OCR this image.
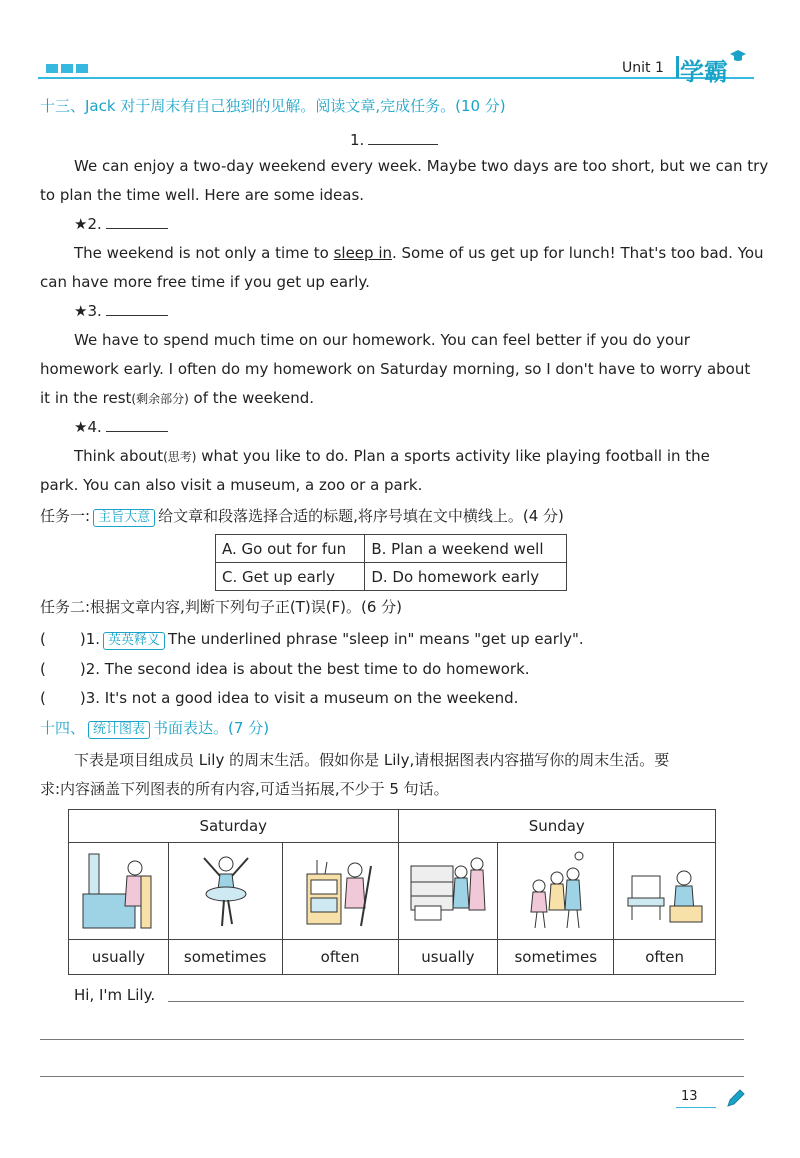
Unit 1 学霸
十三、Jack 对于周末有自己独到的见解。阅读文章,完成任务。(10 分)
1.
We can enjoy a two-day weekend every week. Maybe two days are too short, but we can try
to plan the time well. Here are some ideas.
★2.
The weekend is not only a time to sleep in. Some of us get up for lunch! That's too bad. You
can have more free time if you get up early.
★3.
We have to spend much time on our homework. You can feel better if you do your
homework early. I often do my homework on Saturday morning, so I don't have to worry about
it in the rest(剩余部分) of the weekend.
★4.
Think about(思考) what you like to do. Plan a sports activity like playing football in the
park. You can also visit a museum, a zoo or a park.
任务一: 主旨大意 给文章和段落选择合适的标题,将序号填在文中横线上。(4 分)
A. Go out for fun	B. Plan a weekend well
C. Get up early	D. Do homework early
任务二:根据文章内容,判断下列句子正(T)误(F)。(6 分)
( )1. 英英释义 The underlined phrase "sleep in" means "get up early".
( )2. The second idea is about the best time to do homework.
( )3. It's not a good idea to visit a museum on the weekend.
十四、 统计图表 书面表达。(7 分)
下表是项目组成员 Lily 的周末生活。假如你是 Lily,请根据图表内容描写你的周末生活。要
求:内容涵盖下列图表的所有内容,可适当拓展,不少于 5 句话。
Saturday			Sunday		

usually	sometimes	often	usually	sometimes	often
Hi, I'm Lily.
13
